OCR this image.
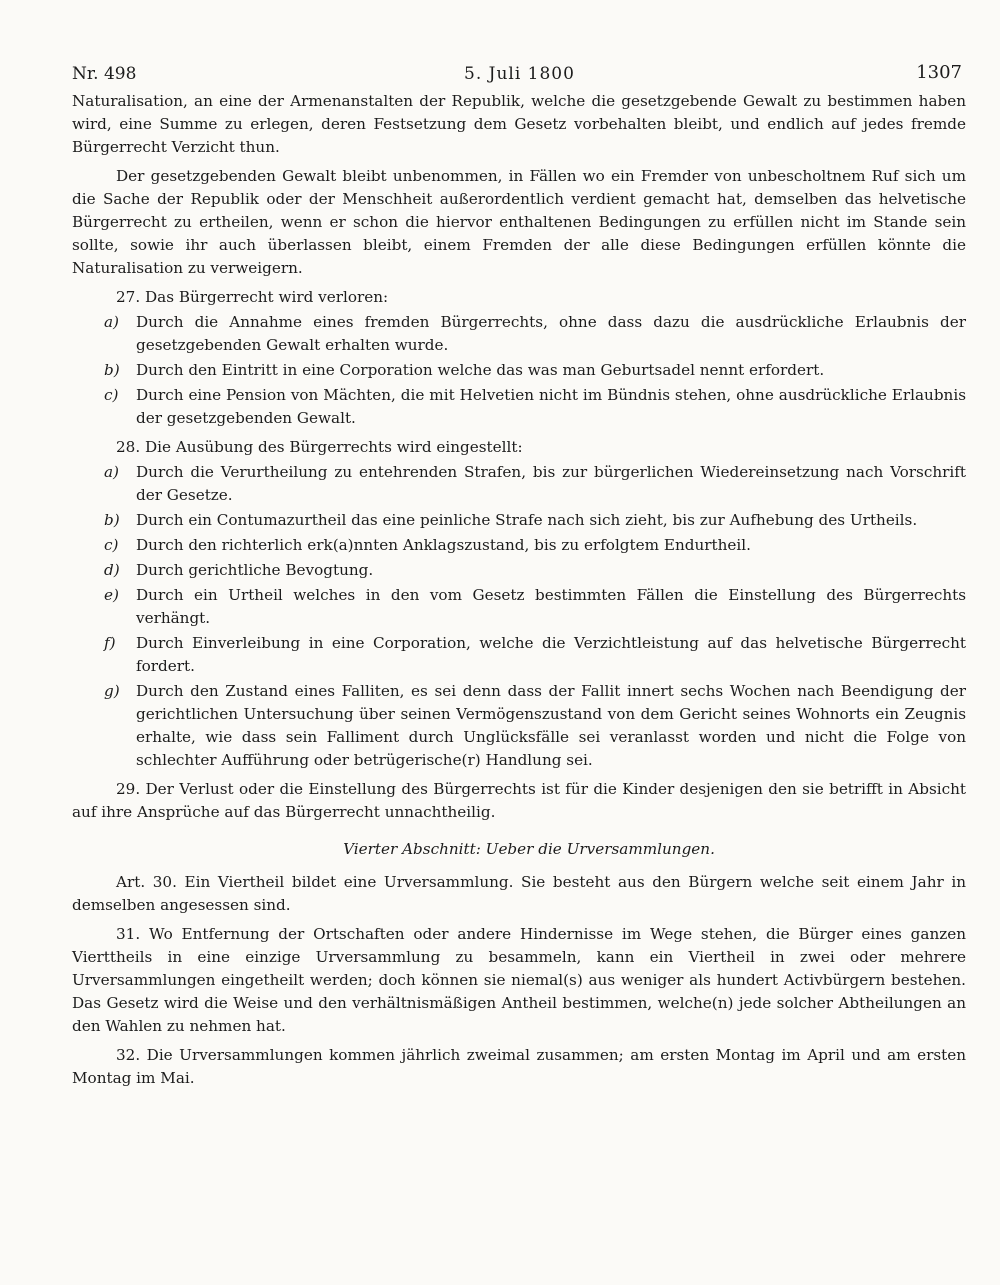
Nr. 498	5. Juli 1800	1307

Naturalisation, an eine der Armenanstalten der Republik, welche die gesetzgebende Gewalt zu bestimmen haben wird, eine Summe zu erlegen, deren Festsetzung dem Gesetz vorbehalten bleibt, und endlich auf jedes fremde Bürgerrecht Verzicht thun.

Der gesetzgebenden Gewalt bleibt unbenommen, in Fällen wo ein Fremder von unbescholtnem Ruf sich um die Sache der Republik oder der Menschheit außerordentlich verdient gemacht hat, demselben das helvetische Bürgerrecht zu ertheilen, wenn er schon die hiervor enthaltenen Bedingungen zu erfüllen nicht im Stande sein sollte, sowie ihr auch überlassen bleibt, einem Fremden der alle diese Bedingungen erfüllen könnte die Naturalisation zu verweigern.

27. Das Bürgerrecht wird verloren:

a) Durch die Annahme eines fremden Bürgerrechts, ohne dass dazu die ausdrückliche Erlaubnis der gesetzgebenden Gewalt erhalten wurde.
b) Durch den Eintritt in eine Corporation welche das was man Geburtsadel nennt erfordert.
c) Durch eine Pension von Mächten, die mit Helvetien nicht im Bündnis stehen, ohne ausdrückliche Erlaubnis der gesetzgebenden Gewalt.

28. Die Ausübung des Bürgerrechts wird eingestellt:

a) Durch die Verurtheilung zu entehrenden Strafen, bis zur bürgerlichen Wiedereinsetzung nach Vorschrift der Gesetze.
b) Durch ein Contumazurtheil das eine peinliche Strafe nach sich zieht, bis zur Aufhebung des Urtheils.
c) Durch den richterlich erk(a)nnten Anklagszustand, bis zu erfolgtem Endurtheil.
d) Durch gerichtliche Bevogtung.
e) Durch ein Urtheil welches in den vom Gesetz bestimmten Fällen die Einstellung des Bürgerrechts verhängt.
f) Durch Einverleibung in eine Corporation, welche die Verzichtleistung auf das helvetische Bürgerrecht fordert.
g) Durch den Zustand eines Falliten, es sei denn dass der Fallit innert sechs Wochen nach Beendigung der gerichtlichen Untersuchung über seinen Vermögenszustand von dem Gericht seines Wohnorts ein Zeugnis erhalte, wie dass sein Falliment durch Unglücksfälle sei veranlasst worden und nicht die Folge von schlechter Aufführung oder betrügerische(r) Handlung sei.

29. Der Verlust oder die Einstellung des Bürgerrechts ist für die Kinder desjenigen den sie betrifft in Absicht auf ihre Ansprüche auf das Bürgerrecht unnachtheilig.

Vierter Abschnitt: Ueber die Urversammlungen.

Art. 30. Ein Viertheil bildet eine Urversammlung. Sie besteht aus den Bürgern welche seit einem Jahr in demselben angesessen sind.

31. Wo Entfernung der Ortschaften oder andere Hindernisse im Wege stehen, die Bürger eines ganzen Vierttheils in eine einzige Urversammlung zu besammeln, kann ein Viertheil in zwei oder mehrere Urversammlungen eingetheilt werden; doch können sie niemal(s) aus weniger als hundert Activbürgern bestehen. Das Gesetz wird die Weise und den verhältnismäßigen Antheil bestimmen, welche(n) jede solcher Abtheilungen an den Wahlen zu nehmen hat.

32. Die Urversammlungen kommen jährlich zweimal zusammen; am ersten Montag im April und am ersten Montag im Mai.
